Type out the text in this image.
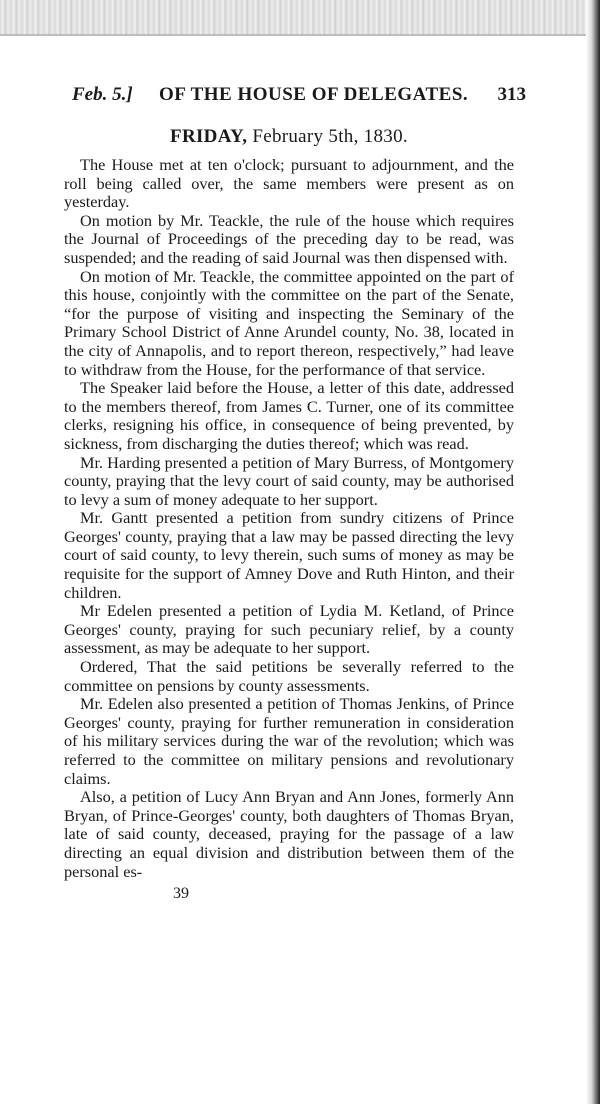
Feb. 5.] OF THE HOUSE OF DELEGATES. 313
FRIDAY, February 5th, 1830.

The House met at ten o'clock; pursuant to adjournment, and the roll being called over, the same members were present as on yesterday.

On motion by Mr. Teackle, the rule of the house which requires the Journal of Proceedings of the preceding day to be read, was suspended; and the reading of said Journal was then dispensed with.

On motion of Mr. Teackle, the committee appointed on the part of this house, conjointly with the committee on the part of the Senate, “for the purpose of visiting and inspecting the Seminary of the Primary School District of Anne Arundel county, No. 38, located in the city of Annapolis, and to report thereon, respectively,” had leave to withdraw from the House, for the performance of that service.

The Speaker laid before the House, a letter of this date, addressed to the members thereof, from James C. Turner, one of its committee clerks, resigning his office, in consequence of being prevented, by sickness, from discharging the duties thereof; which was read.

Mr. Harding presented a petition of Mary Burress, of Montgomery county, praying that the levy court of said county, may be authorised to levy a sum of money adequate to her support.

Mr. Gantt presented a petition from sundry citizens of Prince Georges' county, praying that a law may be passed directing the levy court of said county, to levy therein, such sums of money as may be requisite for the support of Amney Dove and Ruth Hinton, and their children.

Mr Edelen presented a petition of Lydia M. Ketland, of Prince Georges' county, praying for such pecuniary relief, by a county assessment, as may be adequate to her support.

Ordered, That the said petitions be severally referred to the committee on pensions by county assessments.

Mr. Edelen also presented a petition of Thomas Jenkins, of Prince Georges' county, praying for further remuneration in consideration of his military services during the war of the revolution; which was referred to the committee on military pensions and revolutionary claims.

Also, a petition of Lucy Ann Bryan and Ann Jones, formerly Ann Bryan, of Prince-Georges' county, both daughters of Thomas Bryan, late of said county, deceased, praying for the passage of a law directing an equal division and distribution between them of the personal es-

39
